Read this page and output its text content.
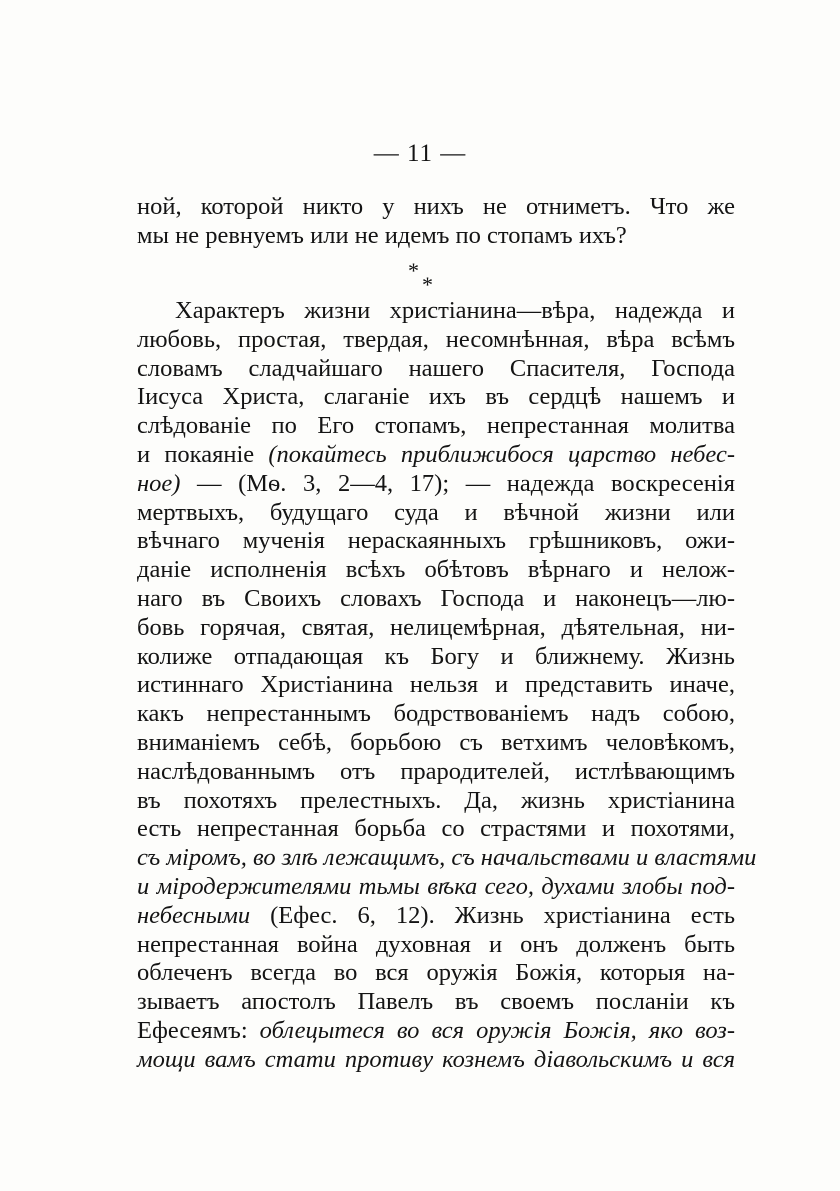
— 11 —
ной, которой никто у нихъ не отниметъ. Что же
мы не ревнуемъ или не идемъ по стопамъ ихъ?
*
*
Характеръ жизни христіанина—вѣра, надежда и
любовь, простая, твердая, несомнѣнная, вѣра всѣмъ
словамъ сладчайшаго нашего Спасителя, Господа
Іисуса Христа, слаганіе ихъ въ сердцѣ нашемъ и
слѣдованіе по Его стопамъ, непрестанная молитва
и покаяніе (покайтесь приближибося царство небес-
ное) — (Мѳ. 3, 2—4, 17); — надежда воскресенія
мертвыхъ, будущаго суда и вѣчной жизни или
вѣчнаго мученія нераскаянныхъ грѣшниковъ, ожи-
даніе исполненія всѣхъ обѣтовъ вѣрнаго и нелож-
наго въ Своихъ словахъ Господа и наконецъ—лю-
бовь горячая, святая, нелицемѣрная, дѣятельная, ни-
колиже отпадающая къ Богу и ближнему. Жизнь
истиннаго Христіанина нельзя и представить иначе,
какъ непрестаннымъ бодрствованіемъ надъ собою,
вниманіемъ себѣ, борьбою съ ветхимъ человѣкомъ,
наслѣдованнымъ отъ прародителей, истлѣвающимъ
въ похотяхъ прелестныхъ. Да, жизнь христіанина
есть непрестанная борьба со страстями и похотями,
съ міромъ, во злѣ лежащимъ, съ начальствами и властями
и міродержителями тьмы вѣка сего, духами злобы под-
небесными (Ефес. 6, 12). Жизнь христіанина есть
непрестанная война духовная и онъ долженъ быть
облеченъ всегда во вся оружія Божія, которыя на-
зываетъ апостолъ Павелъ въ своемъ посланіи къ
Ефесеямъ: облецытеся во вся оружія Божія, яко воз-
мощи вамъ стати противу кознемъ діавольскимъ и вся
